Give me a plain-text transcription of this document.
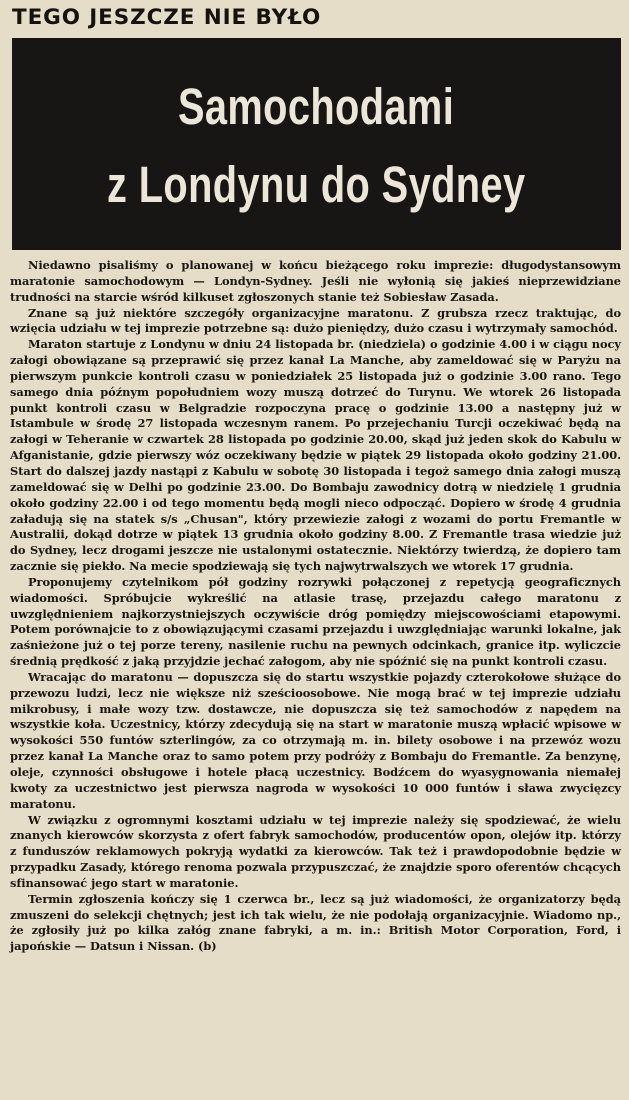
TEGO JESZCZE NIE BYŁO
Samochodami
z Londynu do Sydney

Niedawno pisaliśmy o planowanej w końcu bieżącego roku imprezie: długodystansowym maratonie samochodowym — Londyn-Sydney. Jeśli nie wyłonią się jakieś nieprzewidziane trudności na starcie wśród kilkuset zgłoszonych stanie też Sobiesław Zasada.

Znane są już niektóre szczegóły organizacyjne maratonu. Z grubsza rzecz traktując, do wzięcia udziału w tej imprezie potrzebne są: dużo pieniędzy, dużo czasu i wytrzymały samochód.

Maraton startuje z Londynu w dniu 24 listopada br. (niedziela) o godzinie 4.00 i w ciągu nocy załogi obowiązane są przeprawić się przez kanał La Manche, aby zameldować się w Paryżu na pierwszym punkcie kontroli czasu w poniedziałek 25 listopada już o godzinie 3.00 rano. Tego samego dnia późnym popołudniem wozy muszą dotrzeć do Turynu. We wtorek 26 listopada punkt kontroli czasu w Belgradzie rozpoczyna pracę o godzinie 13.00 a następny już w Istambule w środę 27 listopada wczesnym ranem. Po przejechaniu Turcji oczekiwać będą na załogi w Teheranie w czwartek 28 listopada po godzinie 20.00, skąd już jeden skok do Kabulu w Afganistanie, gdzie pierwszy wóz oczekiwany będzie w piątek 29 listopada około godziny 21.00. Start do dalszej jazdy nastąpi z Kabulu w sobotę 30 listopada i tegoż samego dnia załogi muszą zameldować się w Delhi po godzinie 23.00. Do Bombaju zawodnicy dotrą w niedzielę 1 grudnia około godziny 22.00 i od tego momentu będą mogli nieco odpocząć. Dopiero w środę 4 grudnia załadują się na statek s/s „Chusan", który przewiezie załogi z wozami do portu Fremantle w Australii, dokąd dotrze w piątek 13 grudnia około godziny 8.00. Z Fremantle trasa wiedzie już do Sydney, lecz drogami jeszcze nie ustalonymi ostatecznie. Niektórzy twierdzą, że dopiero tam zacznie się piekło. Na mecie spodziewają się tych najwytrwalszych we wtorek 17 grudnia.

Proponujemy czytelnikom pół godziny rozrywki połączonej z repetycją geograficznych wiadomości. Spróbujcie wykreślić na atlasie trasę, przejazdu całego maratonu z uwzględnieniem najkorzystniejszych oczywiście dróg pomiędzy miejscowościami etapowymi. Potem porównajcie to z obowiązującymi czasami przejazdu i uwzględniając warunki lokalne, jak zaśnieżone już o tej porze tereny, nasilenie ruchu na pewnych odcinkach, granice itp. wyliczcie średnią prędkość z jaką przyjdzie jechać załogom, aby nie spóźnić się na punkt kontroli czasu.

Wracając do maratonu — dopuszcza się do startu wszystkie pojazdy czterokołowe służące do przewozu ludzi, lecz nie większe niż sześcioosobowe. Nie mogą brać w tej imprezie udziału mikrobusy, i małe wozy tzw. dostawcze, nie dopuszcza się też samochodów z napędem na wszystkie koła. Uczestnicy, którzy zdecydują się na start w maratonie muszą wpłacić wpisowe w wysokości 550 funtów szterlingów, za co otrzymają m. in. bilety osobowe i na przewóz wozu przez kanał La Manche oraz to samo potem przy podróży z Bombaju do Fremantle. Za benzynę, oleje, czynności obsługowe i hotele płacą uczestnicy. Bodźcem do wyasygnowania niemałej kwoty za uczestnictwo jest pierwsza nagroda w wysokości 10 000 funtów i sława zwycięzcy maratonu.

W związku z ogromnymi kosztami udziału w tej imprezie należy się spodziewać, że wielu znanych kierowców skorzysta z ofert fabryk samochodów, producentów opon, olejów itp. którzy z funduszów reklamowych pokryją wydatki za kierowców. Tak też i prawdopodobnie będzie w przypadku Zasady, którego renoma pozwala przypuszczać, że znajdzie sporo oferentów chcących sfinansować jego start w maratonie.

Termin zgłoszenia kończy się 1 czerwca br., lecz są już wiadomości, że organizatorzy będą zmuszeni do selekcji chętnych; jest ich tak wielu, że nie podołają organizacyjnie. Wiadomo np., że zgłosiły już po kilka załóg znane fabryki, a m. in.: British Motor Corporation, Ford, i japońskie — Datsun i Nissan. (b)
